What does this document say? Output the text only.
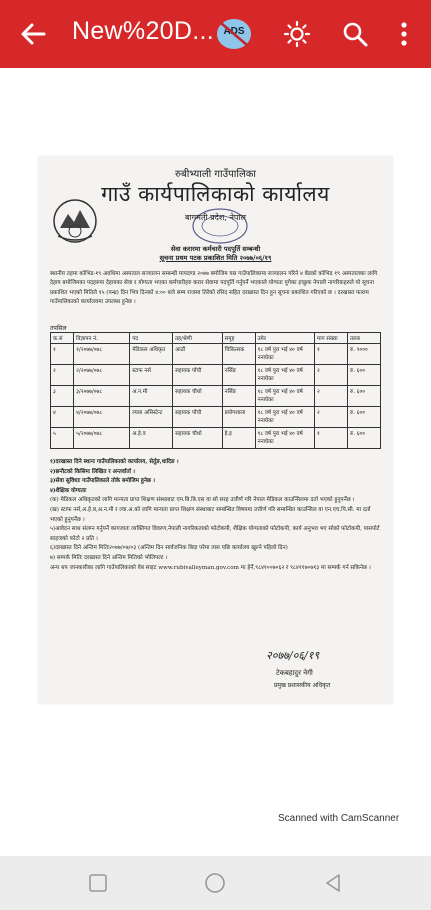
New%20D... ADS
रुबीभ्याली गाउँपालिका
गाउँ कार्यपालिकाको कार्यालय
बागमती प्रदेश, नेपाल
सेवा करारमा कर्मचारी पदपूर्ति सम्बन्धी
सूचना प्रथम पटक प्रकाशित मिति २०७७/०६/१९
स्थानीय तहमा कोभिड-१९ अवधिमा अस्पताल सञ्चालन सम्बन्धी मापदण्ड २०७७ बमोजिम यस गाउँपालिकामा सञ्चालन गरिने ४ बेडको कोभिड १९ अस्पतालका लागि देहाय बमोजिमका पदहरुमा देहायका सेवा र योग्यता भएका कर्मचारीहरु करार सेवामा पदपूर्ति गर्नुपर्ने भएकाले योग्यता पुगेका इच्छुक नेपाली नागरिकहरुले यो सूचना प्रकाशित भएको मितिले १५ (पन्ध्र) दिन भित्र दिनको ४:०० बजे सम्म राजस्व तिरेको रसिद सहित दरखास्त दिन हुन सूचना प्रकाशित गरिएको छ । दरखास्त फाराम गाउँपालिकाको कार्यालयमा उपलब्ध हुनेछ ।
तपसिल
क.सं	विज्ञापन नं.	पद	तह/श्रेणी	समूह	उमेर	माग संख्या	तलब
१	१/२०७७/०७८	मेडिकल अधिकृत	आठौं	चिकित्सक	१८ वर्ष पुरा भई ४० वर्ष ननाघेका	१	रु. ९०००
२	२/२०७७/०७८	स्टाफ नर्स	सहायक पाँचौ	नर्सिङ	१८ वर्ष पुरा भई ४० वर्ष ननाघेका	२	रु. ६००
३	३/२०७७/०७८	अ.न.मी	सहायक चौथो	नर्सिङ	१८ वर्ष पुरा भई ४० वर्ष ननाघेका	२	रु. ६००
४	४/२०७७/०७८	ल्याब असिस्टेन्ट	सहायक पाँचौ	प्रयोगशाला	१८ वर्ष पुरा भई ४० वर्ष ननाघेका	२	रु. ६००
५	५/२०७७/०७८	अ.हे.व	सहायक चौथो	हे.इ	१८ वर्ष पुरा भई ४० वर्ष ननाघेका	१	रु. ६००
१)दरखास्त दिने स्थानः गाउँपालिकाको कार्यालय, सेर्तुङ,धादिङ ।
२)छनौटको किसिमः लिखित र अन्तर्वार्ता ।
३)सेवा सुविधाः गाउँपालिकाले तोके बमोजिम हुनेछ ।
४)शैक्षिक योग्यताः
(क) मेडिकल अधिकृतको लागि मान्यता प्राप्त शिक्षण संस्थाबाट एम.बि.बि.एस वा सो सरह उत्तीर्ण गरि नेपाल मेडिकल काउन्सिलमा दर्ता भएको हुनुपर्नेछ ।
(ख) स्टाफ नर्स,अ.हे.ब,अ.न.मी र ल्या.अ.को लागि मान्यता प्राप्त शिक्षण संस्थाबाट सम्बन्धित विषयमा उत्तीर्ण गरि सम्बन्धित काउन्सिल वा एन.एच.पि.सी. मा दर्ता भएको हुनुपर्नेछ ।
५)आवेदन साथ संलग्न गर्नुपर्ने कागजातः व्यक्तिगत विवरण,नेपाली नागरिकताको फोटोकपी, शैक्षिक योग्यताको फोटोकपी, कार्य अनुभव भए सोको फोटोकपी, पासपोर्ट साइजको फोटो २ प्रति ।
६)दरखास्त दिने अन्तिम मितिः२०७७/०७/०३ (अन्तिम दिन सार्वजनिक बिदा परेमा त्यस पछि कार्यालय खुल्ने पहिलो दिन)
७) सम्पर्क मितिः दरखास्त दिने अन्तिम मितिको भोलिपल्ट ।
अन्य थप जानकारीका लागि गाउँपालिकाको वेब साइट www.rubivalleyman.gov.com मा हेर्ने,९८४१००७०६२ र ९८४११७०७१३ मा सम्पर्क गर्न सकिनेछ ।
२०७७/०६/१९
टेकबहादुर नेगी
प्रमुख प्रशासकीय अधिकृत
Scanned with CamScanner
